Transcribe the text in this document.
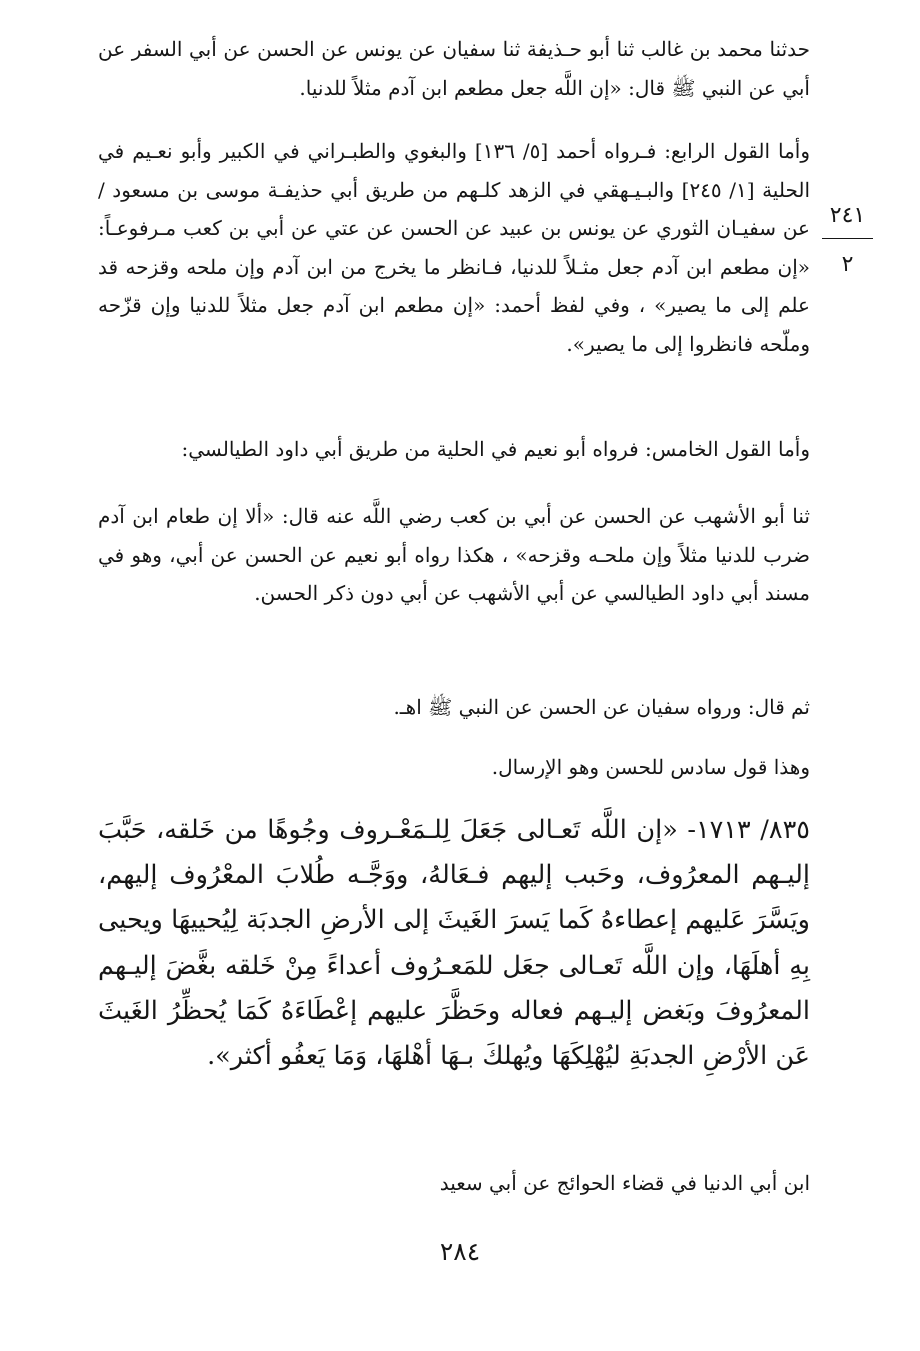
٢٤١
٢
حدثنا محمد بن غالب ثنا أبو حـذيفة ثنا سفيان عن يونس عن الحسن عن أبي السفر عن أبي عن النبي ﷺ قال: «إن اللَّه جعل مطعم ابن آدم مثلاً للدنيا.
وأما القول الرابع: فـرواه أحمد [٥/ ١٣٦] والبغوي والطبـراني في الكبير وأبو نعـيم في الحلية [١/ ٢٤٥] والبـيـهقي في الزهد كلـهم من طريق أبي حذيفـة موسى بن مسعود / عن سفيـان الثوري عن يونس بن عبيد عن الحسن عن عتي عن أبي بن كعب مـرفوعـاً: «إن مطعم ابن آدم جعل مثـلاً للدنيا، فـانظر ما يخرج من ابن آدم وإن ملحه وقزحه قد علم إلى ما يصير» ، وفي لفظ أحمد: «إن مطعم ابن آدم جعل مثلاً للدنيا وإن قزّحه وملّحه فانظروا إلى ما يصير».
وأما القول الخامس: فرواه أبو نعيم في الحلية من طريق أبي داود الطيالسي:
ثنا أبو الأشهب عن الحسن عن أبي بن كعب رضي اللَّه عنه قال: «ألا إن طعام ابن آدم ضرب للدنيا مثلاً وإن ملحـه وقزحه» ، هكذا رواه أبو نعيم عن الحسن عن أبي، وهو في مسند أبي داود الطيالسي عن أبي الأشهب عن أبي دون ذكر الحسن.
ثم قال: ورواه سفيان عن الحسن عن النبي ﷺ اهـ.
وهذا قول سادس للحسن وهو الإرسال.
٨٣٥/ ١٧١٣- «إن اللَّه تَعـالى جَعَلَ لِلـمَعْـروف وجُوهًا من خَلقه، حَبَّبَ إليـهم المعرُوف، وحَبب إليهم فـعَالهُ، ووَجَّـه طُلابَ المعْرُوف إليهم، ويَسَّرَ عَليهم إعطاءهُ كَما يَسرَ الغَيثَ إلى الأرضِ الجدبَة لِيُحييهَا ويحيى بِهِ أهلَهَا، وإن اللَّه تَعـالى جعَل للمَعـرُوف أعداءً مِنْ خَلقه بغَّضَ إليـهم المعرُوفَ وبَغض إليـهم فعاله وحَظَّرَ عليهم إعْطَاءَهُ كَمَا يُحظِّرُ الغَيثَ عَن الأرْضِ الجدبَةِ ليُهْلِكَهَا ويُهلكَ بـهَا أهْلهَا، وَمَا يَعفُو أكثر».
ابن أبي الدنيا في قضاء الحوائج عن أبي سعيد
٢٨٤
